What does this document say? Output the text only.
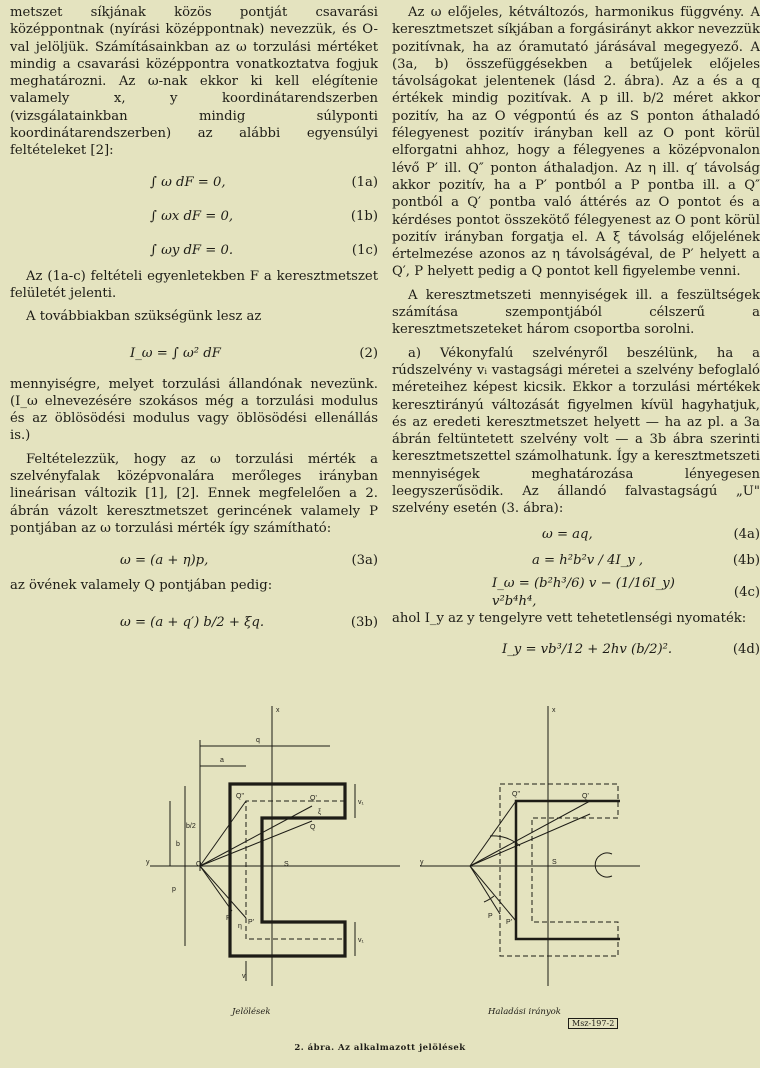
metszet síkjának közös pontját csavarási középpontnak (nyírási középpontnak) nevezzük, és O-val jelöljük. Számításainkban az ω torzulási mértéket mindig a csavarási középpontra vonatkoztatva fogjuk meghatározni. Az ω-nak ekkor ki kell elégítenie valamely x, y koordinátarendszerben (vizsgálatainkban mindig súlyponti koordinátarendszerben) az alábbi egyensúlyi feltételeket [2]:

∫ ω dF = 0,	(1a)
∫ ωx dF = 0,	(1b)
∫ ωy dF = 0.	(1c)

Az (1a-c) feltételi egyenletekben F a keresztmetszet felületét jelenti.

A továbbiakban szükségünk lesz az

I_ω = ∫ ω² dF	(2)

mennyiségre, melyet torzulási állandónak nevezünk. (I_ω elnevezésére szokásos még a torzulási modulus és az öblösödési modulus vagy öblösödési ellenállás is.)

Feltételezzük, hogy az ω torzulási mérték a szelvényfalak középvonalára merőleges irányban lineárisan változik [1], [2]. Ennek megfelelően a 2. ábrán vázolt keresztmetszet gerincének valamely P pontjában az ω torzulási mérték így számítható:

ω = (a + η)p,	(3a)

az övének valamely Q pontjában pedig:

ω = (a + q′) b/2 + ξq.	(3b)

Az ω előjeles, kétváltozós, harmonikus függvény. A keresztmetszet síkjában a forgásirányt akkor nevezzük pozitívnak, ha az óramutató járásával megegyező. A (3a, b) összefüggésekben a betűjelek előjeles távolságokat jelentenek (lásd 2. ábra). Az a és a q értékek mindig pozitívak. A p ill. b/2 méret akkor pozitív, ha az O végpontú és az S ponton áthaladó félegyenest pozitív irányban kell az O pont körül elforgatni ahhoz, hogy a félegyenes a középvonalon lévő P′ ill. Q″ ponton áthaladjon. Az η ill. q′ távolság akkor pozitív, ha a P′ pontból a P pontba ill. a Q″ pontból a Q′ pontba való áttérés az O pontot és a kérdéses pontot összekötő félegyenest az O pont körül pozitív irányban forgatja el. A ξ távolság előjelének értelmezése azonos az η távolságéval, de P′ helyett a Q′, P helyett pedig a Q pontot kell figyelembe venni.

A keresztmetszeti mennyiségek ill. a feszültségek számítása szempontjából célszerű a keresztmetszeteket három csoportba sorolni.

a) Vékonyfalú szelvényről beszélünk, ha a rúdszelvény vᵢ vastagsági méretei a szelvény befoglaló méreteihez képest kicsik. Ekkor a torzulási mértékek keresztirányú változását figyelmen kívül hagyhatjuk, és az eredeti keresztmetszet helyett — ha az pl. a 3a ábrán feltüntetett szelvény volt — a 3b ábra szerinti keresztmetszettel számolhatunk. Így a keresztmetszeti mennyiségek meghatározása lényegesen leegyszerűsödik. Az állandó falvastagságú „U" szelvény esetén (3. ábra):

ω = aq,	(4a)
a = h²b²v / 4I_y ,	(4b)
I_ω = (b²h³/6) v − (1/16I_y) v²b⁴h⁴,
(4c)

ahol I_y az y tengelyre vett tehetetlenségi nyomaték:

I_y = vb³/12 + 2hv (b/2)².	(4d)
x
y	O	S
P
P'
Q
Q'
Q"
q
a
b/2
b
p
η
ξ
v₁
v₁
vᵢ
x
y
Q"	Q'
S
P'
P
Jelölések	Haladási irányok
Msz-197-2
2. ábra. Az alkalmazott jelölések
